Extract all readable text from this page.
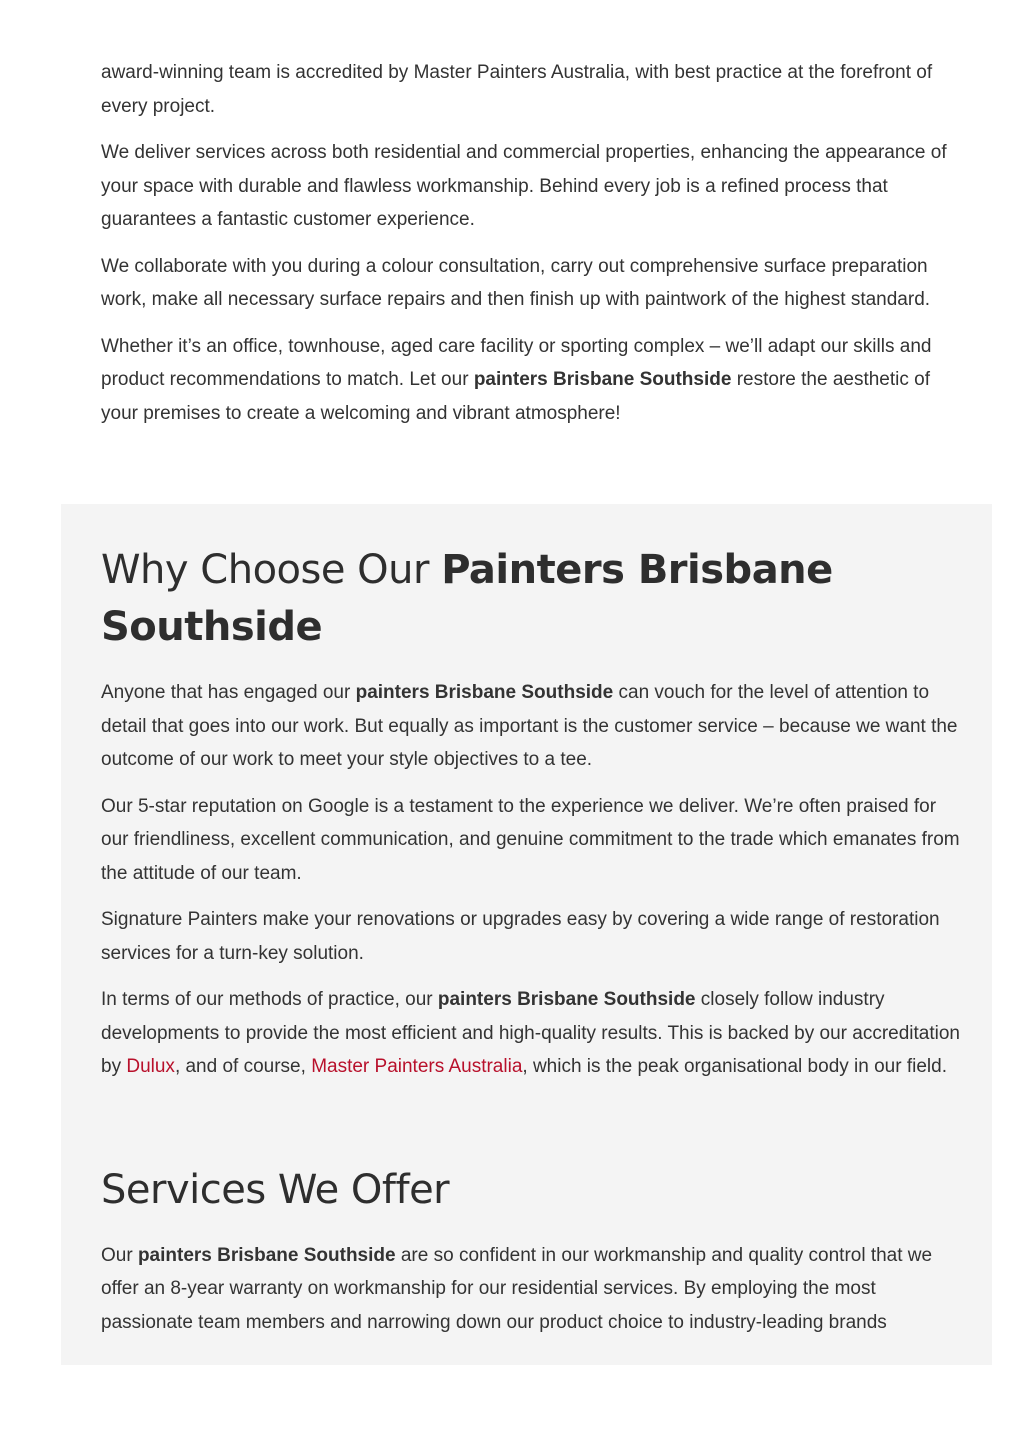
award-winning team is accredited by Master Painters Australia, with best practice at the forefront of every project.

We deliver services across both residential and commercial properties, enhancing the appearance of your space with durable and flawless workmanship. Behind every job is a refined process that guarantees a fantastic customer experience.

We collaborate with you during a colour consultation, carry out comprehensive surface preparation work, make all necessary surface repairs and then finish up with paintwork of the highest standard.

Whether it’s an office, townhouse, aged care facility or sporting complex – we’ll adapt our skills and product recommendations to match. Let our painters Brisbane Southside restore the aesthetic of your premises to create a welcoming and vibrant atmosphere!

Why Choose Our Painters Brisbane Southside

Anyone that has engaged our painters Brisbane Southside can vouch for the level of attention to detail that goes into our work. But equally as important is the customer service – because we want the outcome of our work to meet your style objectives to a tee.

Our 5-star reputation on Google is a testament to the experience we deliver. We’re often praised for our friendliness, excellent communication, and genuine commitment to the trade which emanates from the attitude of our team.

Signature Painters make your renovations or upgrades easy by covering a wide range of restoration services for a turn-key solution.

In terms of our methods of practice, our painters Brisbane Southside closely follow industry developments to provide the most efficient and high-quality results. This is backed by our accreditation by Dulux, and of course, Master Painters Australia, which is the peak organisational body in our field.

Services We Offer

Our painters Brisbane Southside are so confident in our workmanship and quality control that we offer an 8-year warranty on workmanship for our residential services. By employing the most passionate team members and narrowing down our product choice to industry-leading brands
